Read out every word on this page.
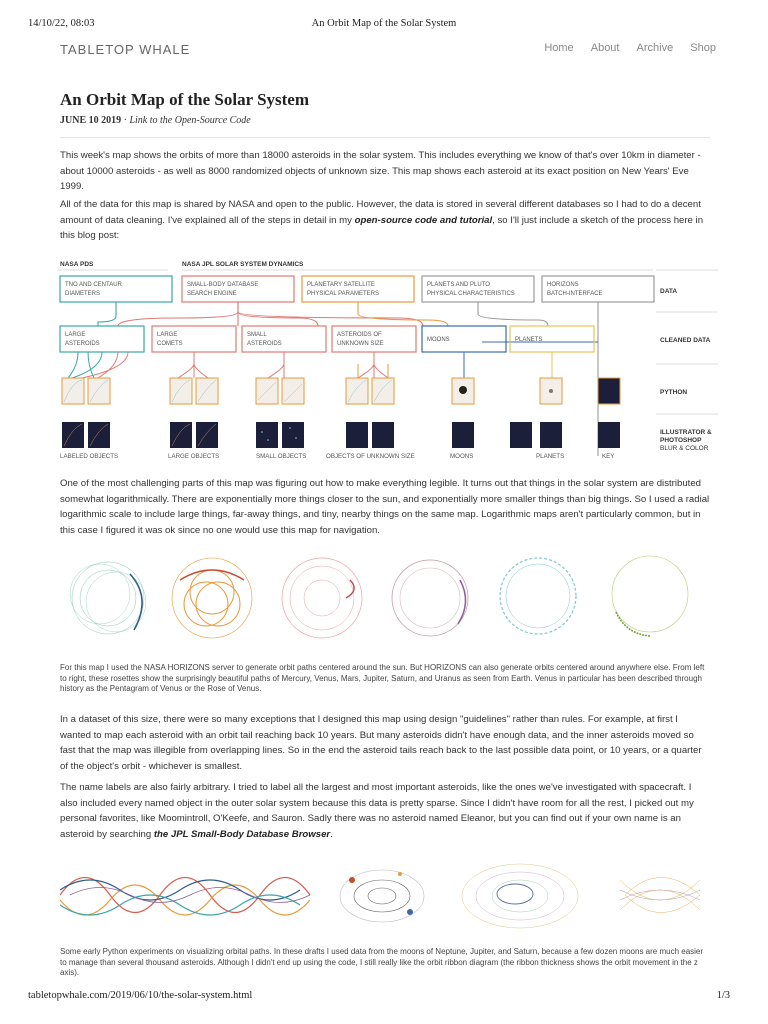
14/10/22, 08:03	An Orbit Map of the Solar System
TABLETOP WHALE	Home About Archive Shop
An Orbit Map of the Solar System
JUNE 10 2019 · Link to the Open-Source Code

This week's map shows the orbits of more than 18000 asteroids in the solar system. This includes everything we know of that's over 10km in diameter - about 10000 asteroids - as well as 8000 randomized objects of unknown size. This map shows each asteroid at its exact position on New Years' Eve 1999.

All of the data for this map is shared by NASA and open to the public. However, the data is stored in several different databases so I had to do a decent amount of data cleaning. I've explained all of the steps in detail in my open-source code and tutorial, so I'll just include a sketch of the process here in this blog post:

NASA PDS	NASA JPL SOLAR SYSTEM DYNAMICS
TNO AND CENTAUR
DIAMETERS
SMALL-BODY DATABASE
SEARCH ENGINE
PLANETARY SATELLITE
PHYSICAL PARAMETERS
PLANETS AND PLUTO
PHYSICAL CHARACTERISTICS
HORIZONS
BATCH-INTERFACE
LARGE
ASTEROIDS
LARGE
COMETS
SMALL
ASTEROIDS
ASTEROIDS OF
UNKNOWN SIZE
MOONS	PLANETS
LABELED OBJECTS	LARGE OBJECTS	SMALL OBJECTS	OBJECTS OF UNKNOWN SIZE	MOONS	PLANETS	KEY
DATA
CLEANED DATA
PYTHON
ILLUSTRATOR &
PHOTOSHOP
BLUR & COLOR

One of the most challenging parts of this map was figuring out how to make everything legible. It turns out that things in the solar system are distributed somewhat logarithmically. There are exponentially more things closer to the sun, and exponentially more smaller things than big things. So I used a radial logarithmic scale to include large things, far-away things, and tiny, nearby things on the same map. Logarithmic maps aren't particularly common, but in this case I figured it was ok since no one would use this map for navigation.

For this map I used the NASA HORIZONS server to generate orbit paths centered around the sun. But HORIZONS can also generate orbits centered around anywhere else. From left to right, these rosettes show the surprisingly beautiful paths of Mercury, Venus, Mars, Jupiter, Saturn, and Uranus as seen from Earth. Venus in particular has been described through history as the Pentagram of Venus or the Rose of Venus.

In a dataset of this size, there were so many exceptions that I designed this map using design "guidelines" rather than rules. For example, at first I wanted to map each asteroid with an orbit tail reaching back 10 years. But many asteroids didn't have enough data, and the inner asteroids moved so fast that the map was illegible from overlapping lines. So in the end the asteroid tails reach back to the last possible data point, or 10 years, or a quarter of the object's orbit - whichever is smallest.

The name labels are also fairly arbitrary. I tried to label all the largest and most important asteroids, like the ones we've investigated with spacecraft. I also included every named object in the outer solar system because this data is pretty sparse. Since I didn't have room for all the rest, I picked out my personal favorites, like Moomintroll, O'Keefe, and Sauron. Sadly there was no asteroid named Eleanor, but you can find out if your own name is an asteroid by searching the JPL Small-Body Database Browser.

Some early Python experiments on visualizing orbital paths. In these drafts I used data from the moons of Neptune, Jupiter, and Saturn, because a few dozen moons are much easier to manage than several thousand asteroids. Although I didn't end up using the code, I still really like the orbit ribbon diagram (the ribbon thickness shows the orbit movement in the z axis).

tabletopwhale.com/2019/06/10/the-solar-system.html	1/3
